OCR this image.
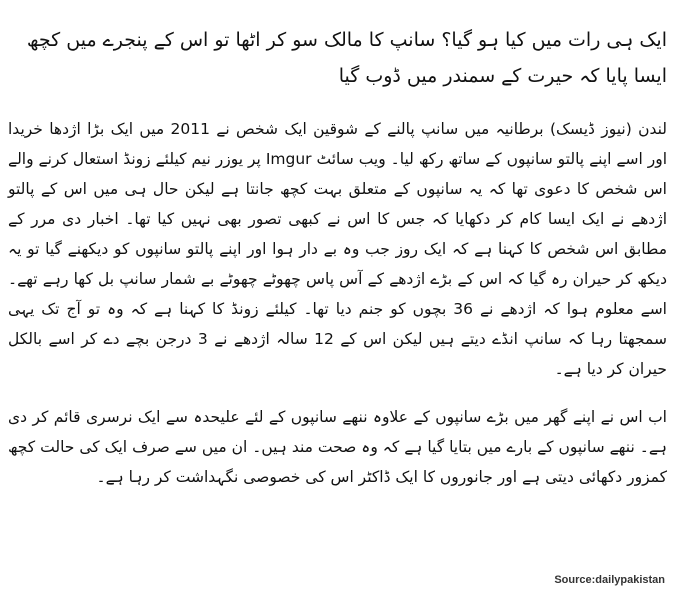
ایک ہی رات میں کیا ہو گیا؟ سانپ کا مالک سو کر اٹھا تو اس کے پنجرے میں کچھ ایسا پایا کہ حیرت کے سمندر میں ڈوب گیا

لندن (نیوز ڈیسک) برطانیہ میں سانپ پالنے کے شوقین ایک شخص نے 2011 میں ایک بڑا اژدھا خریدا اور اسے اپنے پالتو سانپوں کے ساتھ رکھ لیا۔ ویب سائٹ Imgur پر یوزر نیم کیلئے زونڈ استعال کرنے والے اس شخص کا دعوی تھا کہ یہ سانپوں کے متعلق بہت کچھ جانتا ہے لیکن حال ہی میں اس کے پالتو اژدھے نے ایک ایسا کام کر دکھایا کہ جس کا اس نے کبھی تصور بھی نہیں کیا تھا۔ اخبار دی مرر کے مطابق اس شخص کا کہنا ہے کہ ایک روز جب وہ بے دار ہوا اور اپنے پالتو سانپوں کو دیکھنے گیا تو یہ دیکھ کر حیران رہ گیا کہ اس کے بڑے اژدھے کے آس پاس چھوٹے چھوٹے بے شمار سانپ بل کھا رہے تھے۔ اسے معلوم ہوا کہ اژدھے نے 36 بچوں کو جنم دیا تھا۔ کیلئے زونڈ کا کہنا ہے کہ وہ تو آج تک یہی سمجھتا رہا کہ سانپ انڈے دیتے ہیں لیکن اس کے 12 سالہ اژدھے نے 3 درجن بچے دے کر اسے بالکل حیران کر دیا ہے۔

اب اس نے اپنے گھر میں بڑے سانپوں کے علاوہ ننھے سانپوں کے لئے علیحدہ سے ایک نرسری قائم کر دی ہے۔ ننھے سانپوں کے بارے میں بتایا گیا ہے کہ وہ صحت مند ہیں۔ ان میں سے صرف ایک کی حالت کچھ کمزور دکھائی دیتی ہے اور جانوروں کا ایک ڈاکٹر اس کی خصوصی نگہداشت کر رہا ہے۔

Source:dailypakistan
